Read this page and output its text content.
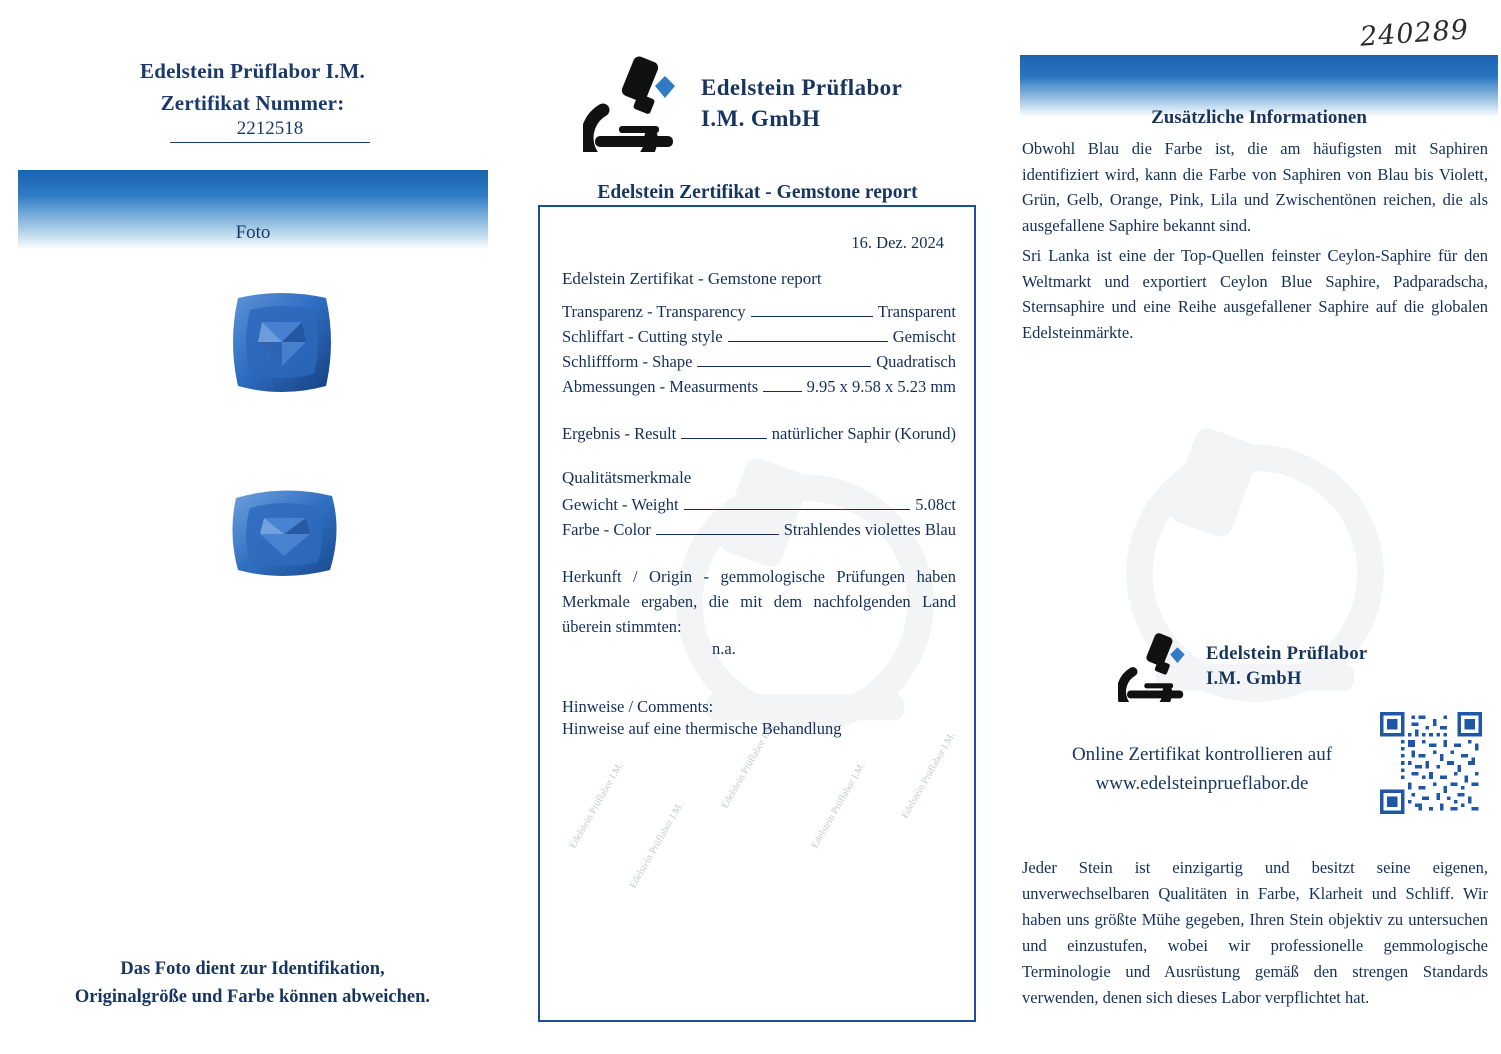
Edelstein Prüflabor I.M. Edelstein Prüflabor I.M.
Edelstein Prüflabor I.M.	Edelstein Prüflabor I.M.	Edelstein Prüflabor I.M.
Edelstein Prüflabor I.M.
Zertifikat Nummer:
2212518
Foto
Das Foto dient zur Identifikation,
Originalgröße und Farbe können abweichen.
Edelstein Prüflabor
I.M. GmbH
Edelstein Zertifikat - Gemstone report
16. Dez. 2024
Edelstein Zertifikat - Gemstone report
Transparenz - Transparency	Transparent
Schliffart - Cutting style	Gemischt
Schliffform - Shape	Quadratisch
Abmessungen - Measurments	9.95 x 9.58 x 5.23 mm
Ergebnis - Result	natürlicher Saphir (Korund)
Qualitätsmerkmale
Gewicht - Weight	5.08ct
Farbe - Color	Strahlendes violettes Blau
Herkunft / Origin - gemmologische Prüfungen haben Merkmale ergaben, die mit dem nachfolgenden Land überein stimmten:
n.a.
Hinweise / Comments:
Hinweise auf eine thermische Behandlung
240289
Zusätzliche Informationen
Obwohl Blau die Farbe ist, die am häufigsten mit Saphiren identifiziert wird, kann die Farbe von Saphiren von Blau bis Violett, Grün, Gelb, Orange, Pink, Lila und Zwischentönen reichen, die als ausgefallene Saphire bekannt sind.
Sri Lanka ist eine der Top-Quellen feinster Ceylon-Saphire für den Weltmarkt und exportiert Ceylon Blue Saphire, Padparadscha, Sternsaphire und eine Reihe ausgefallener Saphire auf die globalen Edelsteinmärkte.
Edelstein Prüflabor
I.M. GmbH
Online Zertifikat kontrollieren auf
www.edelsteinprueflabor.de
Jeder Stein ist einzigartig und besitzt seine eigenen, unverwechselbaren Qualitäten in Farbe, Klarheit und Schliff. Wir haben uns größte Mühe gegeben, Ihren Stein objektiv zu untersuchen und einzustufen, wobei wir professionelle gemmologische Terminologie und Ausrüstung gemäß den strengen Standards verwenden, denen sich dieses Labor verpflichtet hat.
